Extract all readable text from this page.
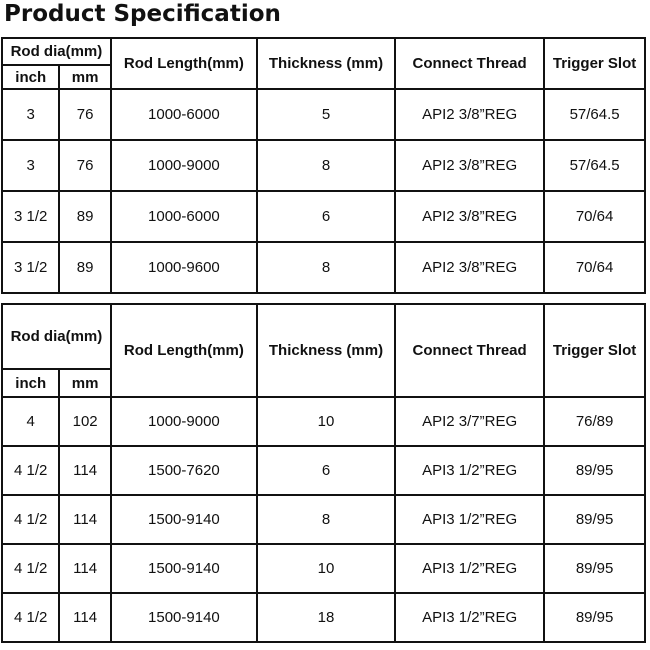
Product Specification
Rod dia(mm)		Rod Length(mm)	Thickness (mm)	Connect Thread	Trigger Slot
inch	mm				
3	76	1000-6000	5	API2 3/8”REG	57/64.5
3	76	1000-9000	8	API2 3/8”REG	57/64.5
3 1/2	89	1000-6000	6	API2 3/8”REG	70/64
3 1/2	89	1000-9600	8	API2 3/8”REG	70/64
Rod dia(mm)		Rod Length(mm)	Thickness (mm)	Connect Thread	Trigger Slot
inch	mm				
4	102	1000-9000	10	API2 3/7”REG	76/89
4 1/2	114	1500-7620	6	API3 1/2”REG	89/95
4 1/2	114	1500-9140	8	API3 1/2”REG	89/95
4 1/2	114	1500-9140	10	API3 1/2”REG	89/95
4 1/2	114	1500-9140	18	API3 1/2”REG	89/95
